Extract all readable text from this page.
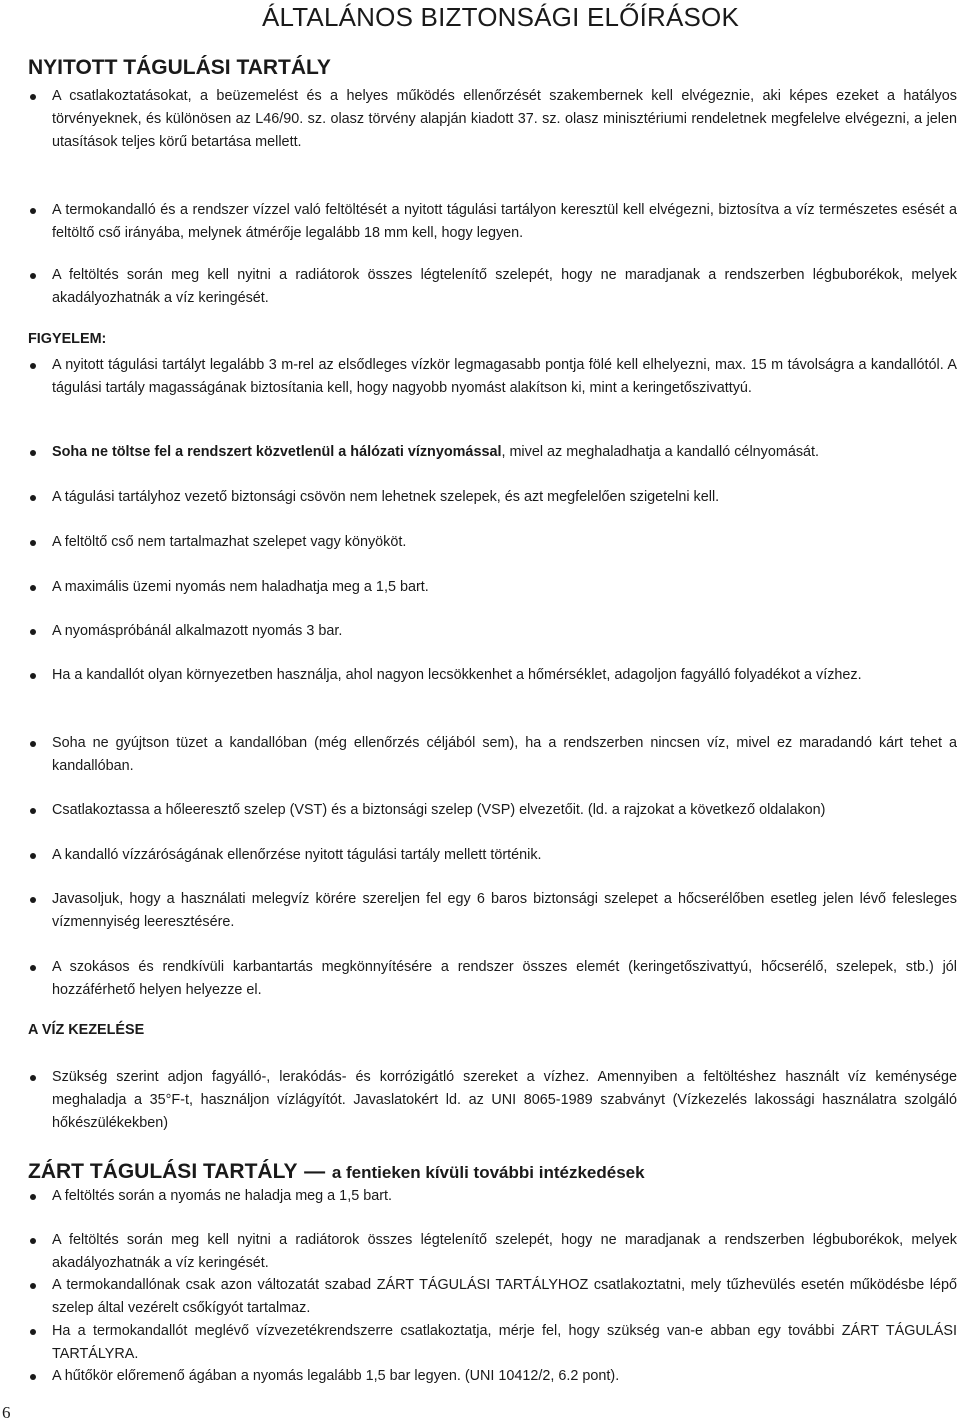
ÁLTALÁNOS BIZTONSÁGI ELŐÍRÁSOK
NYITOTT TÁGULÁSI TARTÁLY

A csatlakoztatásokat, a beüzemelést és a helyes működés ellenőrzését szakembernek kell elvégeznie, aki képes ezeket a hatályos törvényeknek, és különösen az L46/90. sz. olasz törvény alapján kiadott 37. sz. olasz minisztériumi rendeletnek megfelelve elvégezni, a jelen utasítások teljes körű betartása mellett.

A termokandalló és a rendszer vízzel való feltöltését a nyitott tágulási tartályon keresztül kell elvégezni, biztosítva a víz természetes esését a feltöltő cső irányába, melynek átmérője legalább 18 mm kell, hogy legyen.

A feltöltés során meg kell nyitni a radiátorok összes légtelenítő szelepét, hogy ne maradjanak a rendszerben légbuborékok, melyek akadályozhatnák a víz keringését.

FIGYELEM:

A nyitott tágulási tartályt legalább 3 m-rel az elsődleges vízkör legmagasabb pontja fölé kell elhelyezni, max. 15 m távolságra a kandallótól. A tágulási tartály magasságának biztosítania kell, hogy nagyobb nyomást alakítson ki, mint a keringetőszivattyú.

Soha ne töltse fel a rendszert közvetlenül a hálózati víznyomással, mivel az meghaladhatja a kandalló célnyomását.

A tágulási tartályhoz vezető biztonsági csövön nem lehetnek szelepek, és azt megfelelően szigetelni kell.

A feltöltő cső nem tartalmazhat szelepet vagy könyököt.

A maximális üzemi nyomás nem haladhatja meg a 1,5 bart.

A nyomáspróbánál alkalmazott nyomás 3 bar.

Ha a kandallót olyan környezetben használja, ahol nagyon lecsökkenhet a hőmérséklet, adagoljon fagyálló folyadékot a vízhez.

Soha ne gyújtson tüzet a kandallóban (még ellenőrzés céljából sem), ha a rendszerben nincsen víz, mivel ez maradandó kárt tehet a kandallóban.

Csatlakoztassa a hőleeresztő szelep (VST) és a biztonsági szelep (VSP) elvezetőit. (ld. a rajzokat a következő oldalakon)

A kandalló vízzáróságának ellenőrzése nyitott tágulási tartály mellett történik.

Javasoljuk, hogy a használati melegvíz körére szereljen fel egy 6 baros biztonsági szelepet a hőcserélőben esetleg jelen lévő felesleges vízmennyiség leeresztésére.

A szokásos és rendkívüli karbantartás megkönnyítésére a rendszer összes elemét (keringetőszivattyú, hőcserélő, szelepek, stb.) jól hozzáférhető helyen helyezze el.

A VÍZ KEZELÉSE

Szükség szerint adjon fagyálló-, lerakódás- és korrózigátló szereket a vízhez. Amennyiben a feltöltéshez használt víz keménysége meghaladja a 35°F-t, használjon vízlágyítót. Javaslatokért ld. az UNI 8065-1989 szabványt (Vízkezelés lakossági használatra szolgáló hőkészülékekben)

ZÁRT TÁGULÁSI TARTÁLY — a fentieken kívüli további intézkedések

A feltöltés során a nyomás ne haladja meg a 1,5 bart.

A feltöltés során meg kell nyitni a radiátorok összes légtelenítő szelepét, hogy ne maradjanak a rendszerben légbuborékok, melyek akadályozhatnák a víz keringését.

A termokandallónak csak azon változatát szabad ZÁRT TÁGULÁSI TARTÁLYHOZ csatlakoztatni, mely tűzhevülés esetén működésbe lépő szelep által vezérelt csőkígyót tartalmaz.

Ha a termokandallót meglévő vízvezetékrendszerre csatlakoztatja, mérje fel, hogy szükség van-e abban egy további ZÁRT TÁGULÁSI TARTÁLYRA.

A hűtőkör előremenő ágában a nyomás legalább 1,5 bar legyen. (UNI 10412/2, 6.2 pont).

6
